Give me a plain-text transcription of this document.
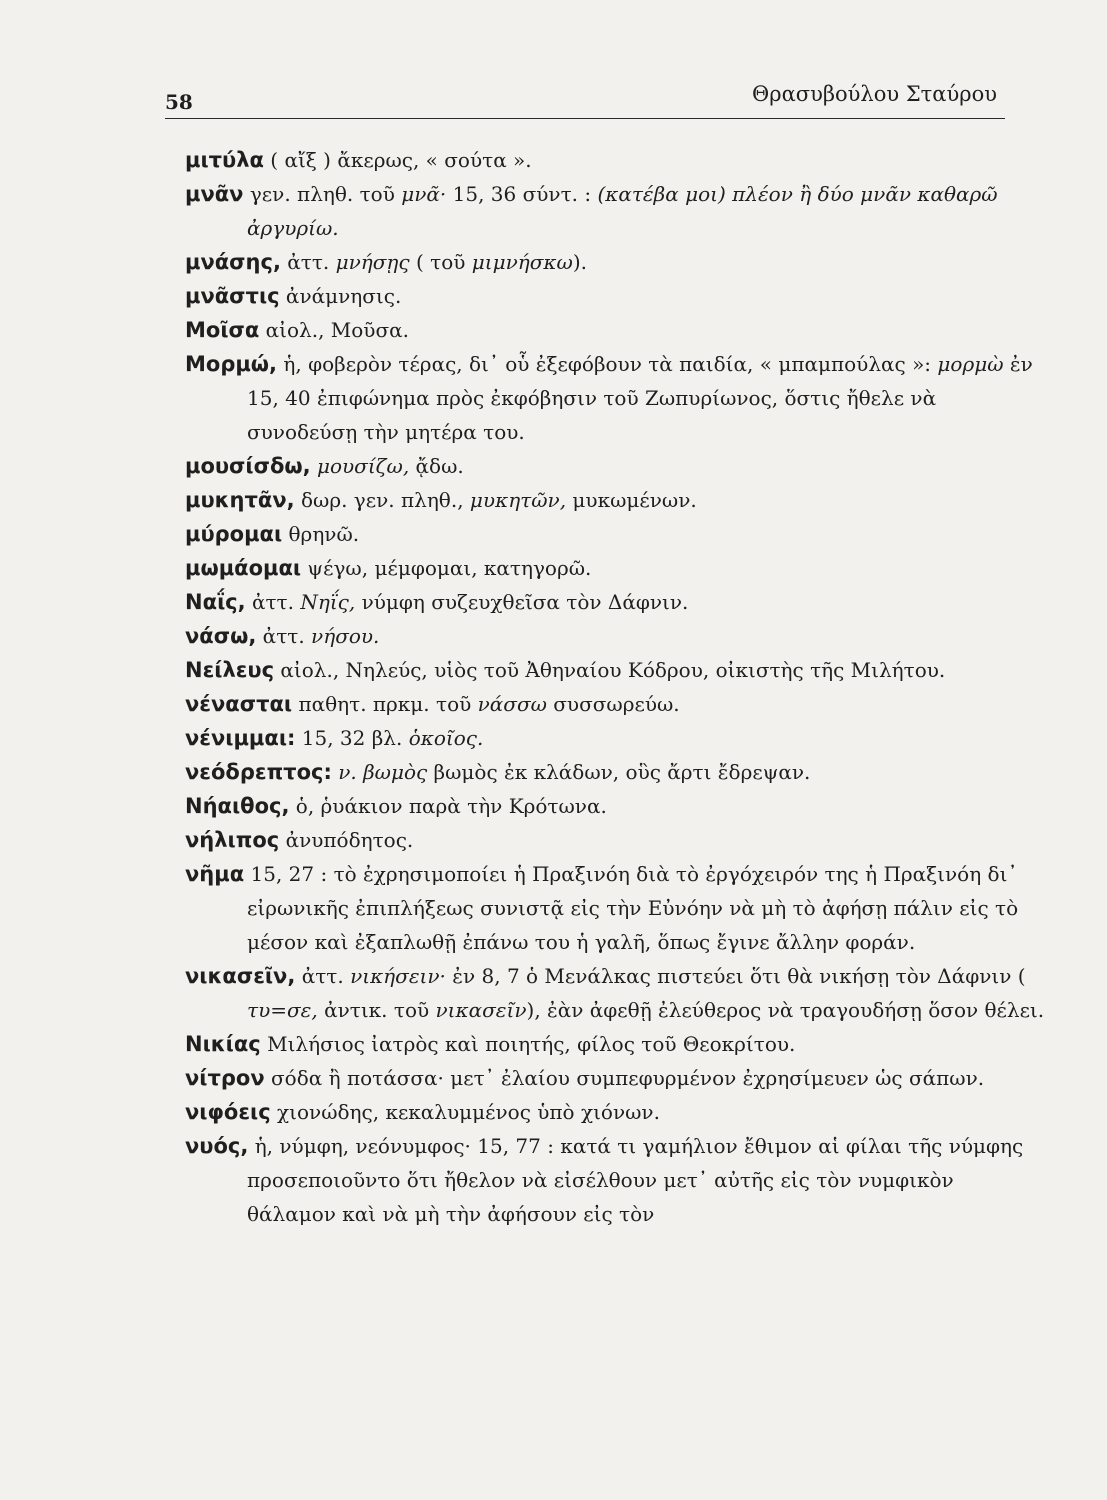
58	Θρασυβούλου Σταύρου

μιτύλα ( αἴξ ) ἄκερως, « σούτα ».

μνᾶν γεν. πληθ. τοῦ μνᾶ· 15, 36 σύντ. : (κατέβα μοι) πλέον ἢ δύο μνᾶν καθαρῶ ἀργυρίω.

μνάσης, ἀττ. μνήσῃς ( τοῦ μιμνήσκω).

μνᾶστις ἀνάμνησις.

Μοῖσα αἰολ., Μοῦσα.

Μορμώ, ἡ, φοβερὸν τέρας, δι᾽ οὗ ἐξεφόβουν τὰ παιδία, « μπαμπούλας »: μορμὼ ἐν 15, 40 ἐπιφώνημα πρὸς ἐκφόβησιν τοῦ Ζωπυρίωνος, ὅστις ἤθελε νὰ συνοδεύσῃ τὴν μητέρα του.

μουσίσδω, μουσίζω, ᾄδω.

μυκητᾶν, δωρ. γεν. πληθ., μυκητῶν, μυκωμένων.

μύρομαι θρηνῶ.

μωμάομαι ψέγω, μέμφομαι, κατηγορῶ.

Ναΐς, ἀττ. Νηΐς, νύμφη συζευχθεῖσα τὸν Δάφνιν.

νάσω, ἀττ. νήσου.

Νείλευς αἰολ., Νηλεύς, υἱὸς τοῦ Ἀθηναίου Κόδρου, οἰκιστὴς τῆς Μιλήτου.

νένασται παθητ. πρκμ. τοῦ νάσσω συσσωρεύω.

νένιμμαι: 15, 32 βλ. ὁκοῖος.

νεόδρεπτος: ν. βωμὸς βωμὸς ἐκ κλάδων, οὓς ἄρτι ἔδρεψαν.

Νήαιθος, ὁ, ῥυάκιον παρὰ τὴν Κρότωνα.

νήλιπος ἀνυπόδητος.

νῆμα 15, 27 : τὸ ἐχρησιμοποίει ἡ Πραξινόη διὰ τὸ ἐργόχειρόν της ἡ Πραξινόη δι᾽ εἰρωνικῆς ἐπιπλήξεως συνιστᾷ εἰς τὴν Εὐνόην νὰ μὴ τὸ ἀφήσῃ πάλιν εἰς τὸ μέσον καὶ ἐξαπλωθῇ ἐπάνω του ἡ γαλῆ, ὅπως ἔγινε ἄλλην φοράν.

νικασεῖν, ἀττ. νικήσειν· ἐν 8, 7 ὁ Μενάλκας πιστεύει ὅτι θὰ νικήσῃ τὸν Δάφνιν ( τυ=σε, ἀντικ. τοῦ νικασεῖν), ἐὰν ἀφεθῇ ἐλεύθερος νὰ τραγουδήσῃ ὅσον θέλει.

Νικίας Μιλήσιος ἰατρὸς καὶ ποιητής, φίλος τοῦ Θεοκρίτου.

νίτρον σόδα ἢ ποτάσσα· μετ᾽ ἐλαίου συμπεφυρμένον ἐχρησίμευεν ὡς σάπων.

νιφόεις χιονώδης, κεκαλυμμένος ὑπὸ χιόνων.

νυός, ἡ, νύμφη, νεόνυμφος· 15, 77 : κατά τι γαμήλιον ἔθιμον αἱ φίλαι τῆς νύμφης προσεποιοῦντο ὅτι ἤθελον νὰ εἰσέλθουν μετ᾽ αὐτῆς εἰς τὸν νυμφικὸν θάλαμον καὶ νὰ μὴ τὴν ἀφήσουν εἰς τὸν
